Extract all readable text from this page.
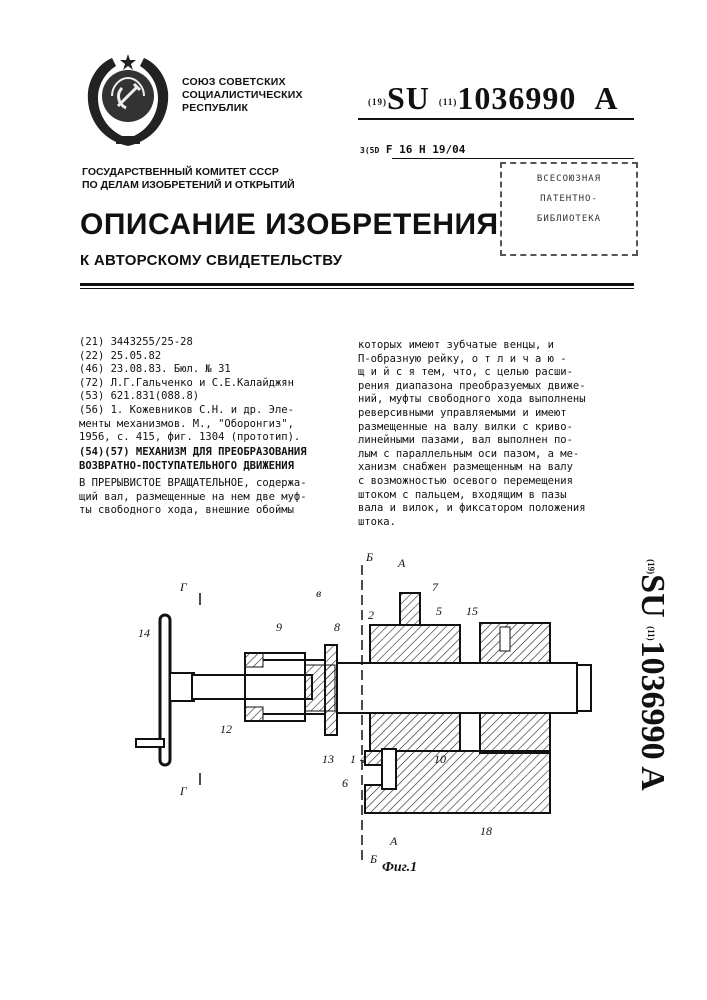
СОЮЗ СОВЕТСКИХ
СОЦИАЛИСТИЧЕСКИХ
РЕСПУБЛИК	(19)SU (11)1036990 A
3(5D F 16 H 19/04
ГОСУДАРСТВЕННЫЙ КОМИТЕТ СССР
ПО ДЕЛАМ ИЗОБРЕТЕНИЙ И ОТКРЫТИЙ	ВСЕСОЮЗНАЯ
ПАТЕНТНО-
БИБЛИОТЕКА
ОПИСАНИЕ ИЗОБРЕТЕНИЯ
К АВТОРСКОМУ СВИДЕТЕЛЬСТВУ
(21) 3443255/25-28
(22) 25.05.82
(46) 23.08.83. Бюл. № 31
(72) Л.Г.Гальченко и С.Е.Калайджян
(53) 621.831(088.8)
(56) 1. Кожевников С.Н. и др. Эле-
менты механизмов. М., "Оборонгиз",
1956, с. 415, фиг. 1304 (прототип).
(54)(57) МЕХАНИЗМ ДЛЯ ПРЕОБРАЗОВАНИЯ
ВОЗВРАТНО-ПОСТУПАТЕЛЬНОГО ДВИЖЕНИЯ
В ПРЕРЫВИСТОЕ ВРАЩАТЕЛЬНОЕ, содержа-
щий вал, размещенные на нем две муф-
ты свободного хода, внешние обоймы
которых имеют зубчатые венцы, и
П-образную рейку, о т л и ч а ю -
щ и й с я тем, что, с целью расши-
рения диапазона преобразуемых движе-
ний, муфты свободного хода выполнены
реверсивными управляемыми и имеют
размещенные на валу вилки с криво-
линейными пазами, вал выполнен по-
лым с параллельным оси пазом, а ме-
ханизм снабжен размещенным на валу
с возможностью осевого перемещения
штоком с пальцем, входящим в пазы
вала и вилок, и фиксатором положения
штока.
(19)SU (11)1036990 A
Б А
в
Г
Г
7
2
8
5 15
9
14
12
13 1 4	10
6
18
Б
А
Фиг.1
